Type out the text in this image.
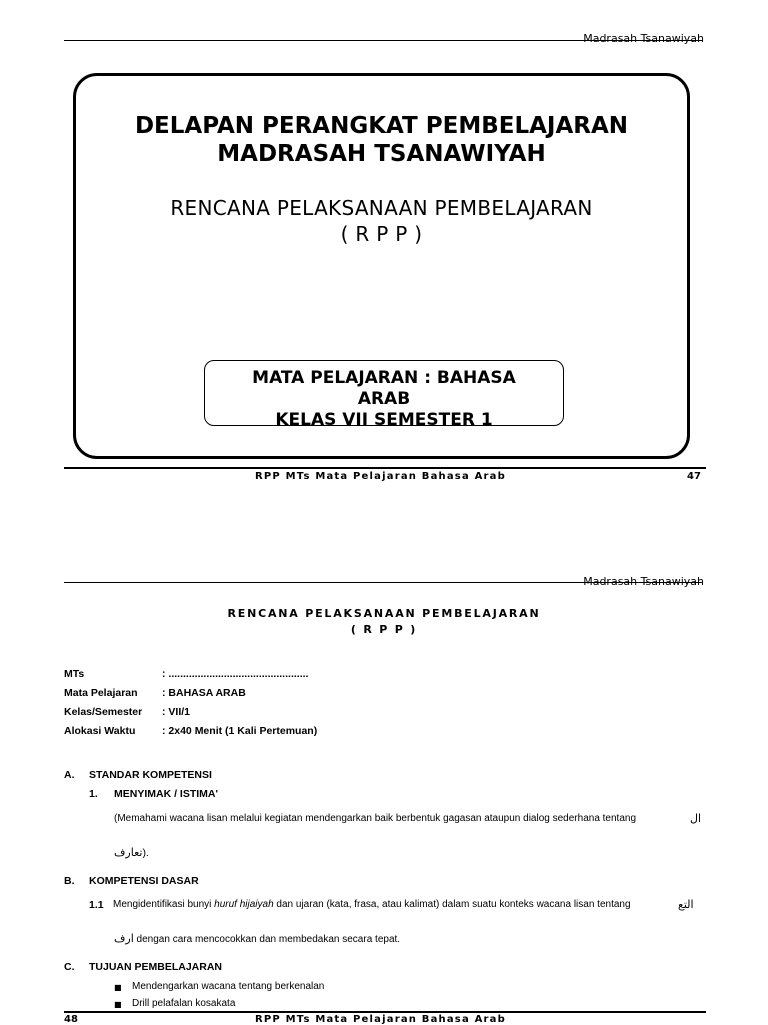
Madrasah Tsanawiyah
DELAPAN PERANGKAT PEMBELAJARAN
MADRASAH TSANAWIYAH
RENCANA PELAKSANAAN PEMBELAJARAN
( R P P )
MATA PELAJARAN : BAHASA
ARAB
KELAS VII SEMESTER 1
RPP MTs Mata Pelajaran Bahasa Arab	47
Madrasah Tsanawiyah
RENCANA PELAKSANAAN PEMBELAJARAN
( R P P )
MTs	: ................................................
Mata Pelajaran : BAHASA ARAB
Kelas/Semester : VII/1
Alokasi Waktu	: 2x40 Menit (1 Kali Pertemuan)
A. STANDAR KOMPETENSI
1. MENYIMAK / ISTIMA'
(Memahami wacana lisan melalui kegiatan mendengarkan baik berbentuk gagasan ataupun dialog sederhana tentang	ال
تعارف).
B. KOMPETENSI DASAR
1.1 Mengidentifikasi bunyi huruf hijaiyah dan ujaran (kata, frasa, atau kalimat) dalam suatu konteks wacana lisan tentang	التع
ارف dengan cara mencocokkan dan membedakan secara tepat.
C. TUJUAN PEMBELAJARAN
■ Mendengarkan wacana tentang berkenalan
■ Drill pelafalan kosakata
48	RPP MTs Mata Pelajaran Bahasa Arab
